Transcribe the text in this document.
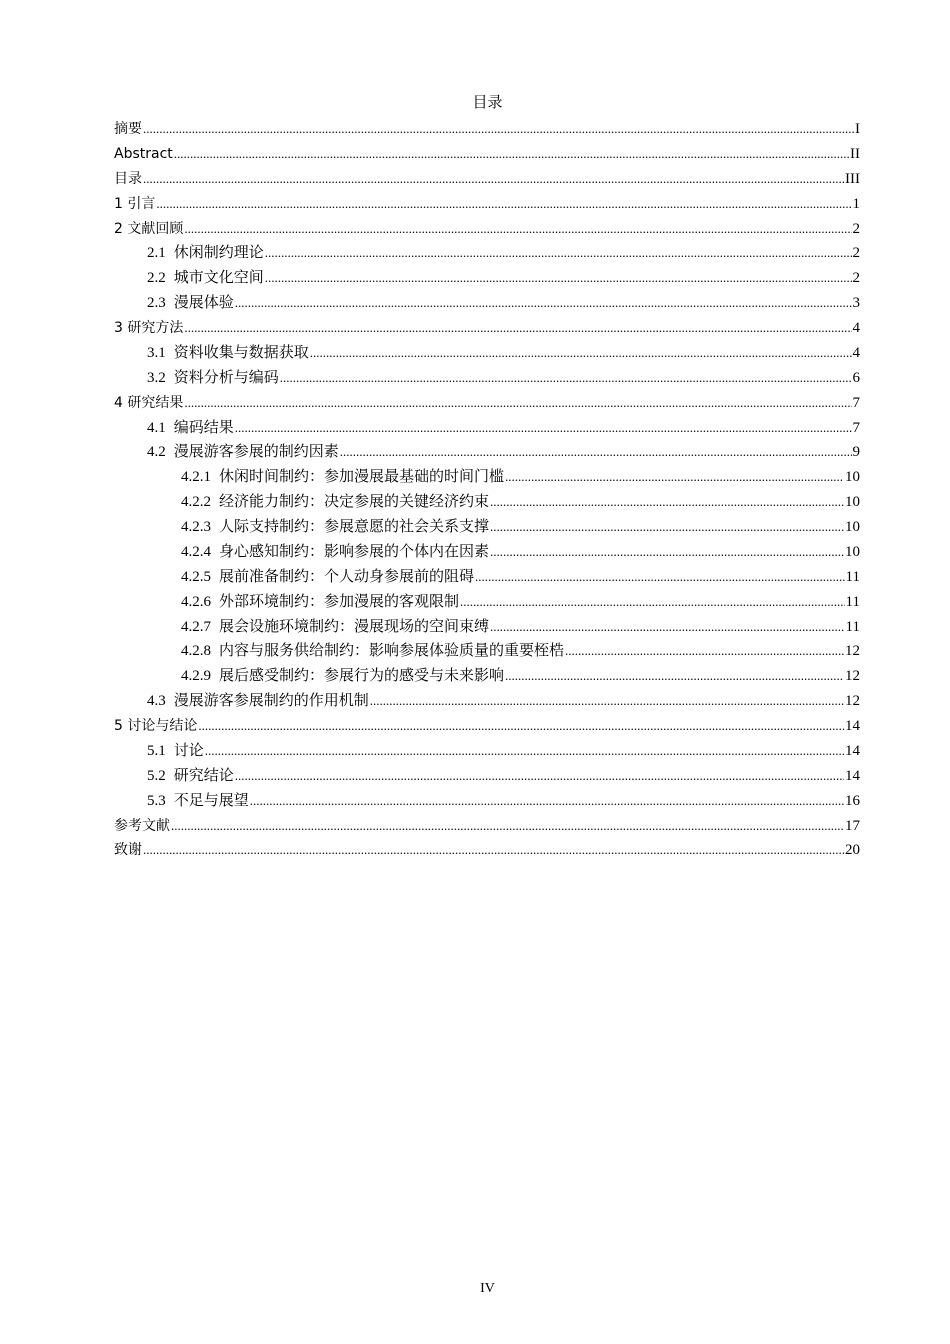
目录
摘要 .....	I
Abstract .....	II
目录 .....	III
1 引言 .....	1
2 文献回顾 .....	2
2.1 休闲制约理论 .....	2
2.2 城市文化空间 .....	2
2.3 漫展体验 .....	3
3 研究方法 .....	4
3.1 资料收集与数据获取 .....	4
3.2 资料分析与编码 .....	6
4 研究结果 .....	7
4.1 编码结果 .....	7
4.2 漫展游客参展的制约因素 .....	9
4.2.1 休闲时间制约：参加漫展最基础的时间门槛 .....	10
4.2.2 经济能力制约：决定参展的关键经济约束 .....	10
4.2.3 人际支持制约：参展意愿的社会关系支撑 .....	10
4.2.4 身心感知制约：影响参展的个体内在因素 .....	10
4.2.5 展前准备制约：个人动身参展前的阻碍 .....	11
4.2.6 外部环境制约：参加漫展的客观限制 .....	11
4.2.7 展会设施环境制约：漫展现场的空间束缚 .....	11
4.2.8 内容与服务供给制约：影响参展体验质量的重要桎梏 .....	12
4.2.9 展后感受制约：参展行为的感受与未来影响 .....	12
4.3 漫展游客参展制约的作用机制 .....	12
5 讨论与结论 .....	14
5.1 讨论 .....	14
5.2 研究结论 .....	14
5.3 不足与展望 .....	16
参考文献 .....	17
致谢 .....	20
IV
